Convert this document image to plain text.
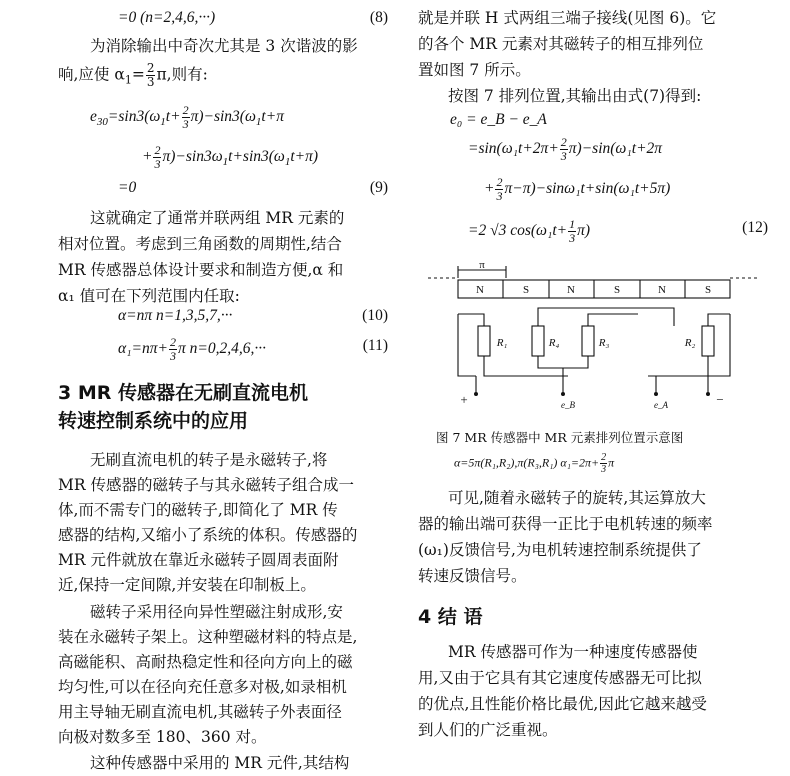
=0 (n=2,4,6,···)	(8)
为消除输出中奇次尤其是 3 次谐波的影
响,应使 $\alpha_1= \frac{2}{3} \pi$,则有:
$e_{30}=\sin 3(\omega_1t+ \frac{2}{3} \pi)-\sin 3(\omega_1t+\pi$
+ $\frac{2}{3} \pi)-\sin 3\omega_1t+\sin 3(\omega_1t+\pi)$
=0	(9)
这就确定了通常并联两组 MR 元素的
相对位置。考虑到三角函数的周期性,结合
MR 传感器总体设计要求和制造方便,α 和
α₁ 值可在下列范围内任取:
α=nπ n=1,3,5,7,···	(10)
$\alpha_1=n\pi+ \frac{2}{3}$ π n=0,2,4,6,···	(11)
3 MR 传感器在无刷直流电机
转速控制系统中的应用
无刷直流电机的转子是永磁转子,将
MR 传感器的磁转子与其永磁转子组合成一
体,而不需专门的磁转子,即简化了 MR 传
感器的结构,又缩小了系统的体积。传感器的
MR 元件就放在靠近永磁转子圆周表面附
近,保持一定间隙,并安装在印制板上。
磁转子采用径向异性塑磁注射成形,安
装在永磁转子架上。这种塑磁材料的特点是,
高磁能积、高耐热稳定性和径向方向上的磁
均匀性,可以在径向充任意多对极,如录相机
用主导轴无刷直流电机,其磁转子外表面径
向极对数多至 180、360 对。
这种传感器中采用的 MR 元件,其结构
就是并联 H 式两组三端子接线(见图 6)。它
的各个 MR 元素对其磁转子的相互排列位
置如图 7 所示。
按图 7 排列位置,其输出由式(7)得到:
e₀ = e_B − e_A
$=\sin(\omega_1t+2\pi+ \frac{2}{3} \pi)-\sin(\omega_1t+2\pi$
+ $\frac{2}{3} \pi-\pi)-\sin\omega_1t+\sin(\omega_1t+5\pi)$
=2 √3 $\cos(\omega_1t+ \frac{1}{3} \pi)$	(12)
π
N	S	N	S	N	S
R₁	R₄	R₃	R₂
+	e_B	e_A	−
图 7 MR 传感器中 MR 元素排列位置示意图
α=5π(R₁,R₂),π(R₃,R₁) $\alpha_1=2\pi+ \frac{2}{3}$ π
可见,随着永磁转子的旋转,其运算放大
器的输出端可获得一正比于电机转速的频率
(ω₁)反馈信号,为电机转速控制系统提供了
转速反馈信号。
4 结 语
MR 传感器可作为一种速度传感器使
用,又由于它具有其它速度传感器无可比拟
的优点,且性能价格比最优,因此它越来越受
到人们的广泛重视。
